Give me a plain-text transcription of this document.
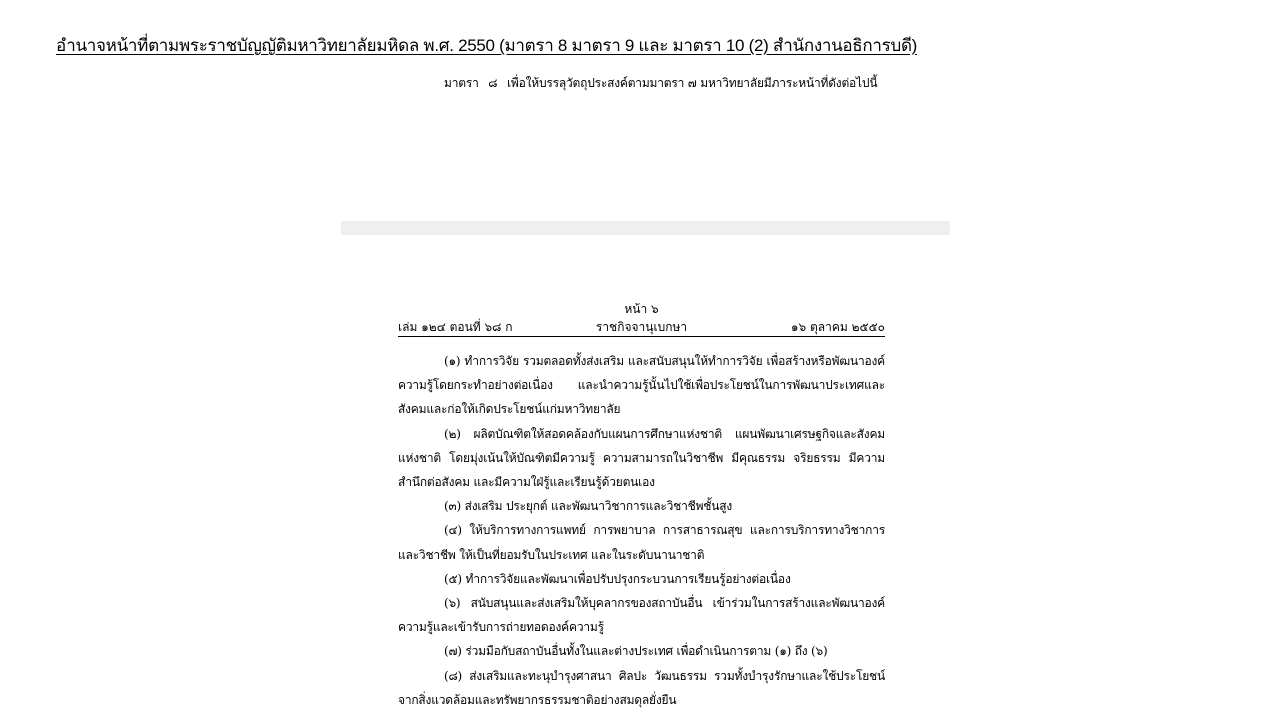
อำนาจหน้าที่ตามพระราชบัญญัติมหาวิทยาลัยมหิดล พ.ศ. 2550 (มาตรา 8 มาตรา 9 และ มาตรา 10 (2) สำนักงานอธิการบดี)
มาตรา ๘ เพื่อให้บรรลุวัตถุประสงค์ตามมาตรา ๗ มหาวิทยาลัยมีภาระหน้าที่ดังต่อไปนี้
หน้า ๖
เล่ม ๑๒๔ ตอนที่ ๖๘ ก	ราชกิจจานุเบกษา	๑๖ ตุลาคม ๒๕๕๐

(๑) ทำการวิจัย รวมตลอดทั้งส่งเสริม และสนับสนุนให้ทำการวิจัย เพื่อสร้างหรือพัฒนาองค์ความรู้โดยกระทำอย่างต่อเนื่อง และนำความรู้นั้นไปใช้เพื่อประโยชน์ในการพัฒนาประเทศและสังคมและก่อให้เกิดประโยชน์แก่มหาวิทยาลัย

(๒) ผลิตบัณฑิตให้สอดคล้องกับแผนการศึกษาแห่งชาติ แผนพัฒนาเศรษฐกิจและสังคมแห่งชาติ โดยมุ่งเน้นให้บัณฑิตมีความรู้ ความสามารถในวิชาชีพ มีคุณธรรม จริยธรรม มีความสำนึกต่อสังคม และมีความใฝ่รู้และเรียนรู้ด้วยตนเอง

(๓) ส่งเสริม ประยุกต์ และพัฒนาวิชาการและวิชาชีพชั้นสูง

(๔) ให้บริการทางการแพทย์ การพยาบาล การสาธารณสุข และการบริการทางวิชาการและวิชาชีพ ให้เป็นที่ยอมรับในประเทศ และในระดับนานาชาติ

(๕) ทำการวิจัยและพัฒนาเพื่อปรับปรุงกระบวนการเรียนรู้อย่างต่อเนื่อง

(๖) สนับสนุนและส่งเสริมให้บุคลากรของสถาบันอื่น เข้าร่วมในการสร้างและพัฒนาองค์ความรู้และเข้ารับการถ่ายทอดองค์ความรู้

(๗) ร่วมมือกับสถาบันอื่นทั้งในและต่างประเทศ เพื่อดำเนินการตาม (๑) ถึง (๖)

(๘) ส่งเสริมและทะนุบำรุงศาสนา ศิลปะ วัฒนธรรม รวมทั้งบำรุงรักษาและใช้ประโยชน์จากสิ่งแวดล้อมและทรัพยากรธรรมชาติอย่างสมดุลยั่งยืน
